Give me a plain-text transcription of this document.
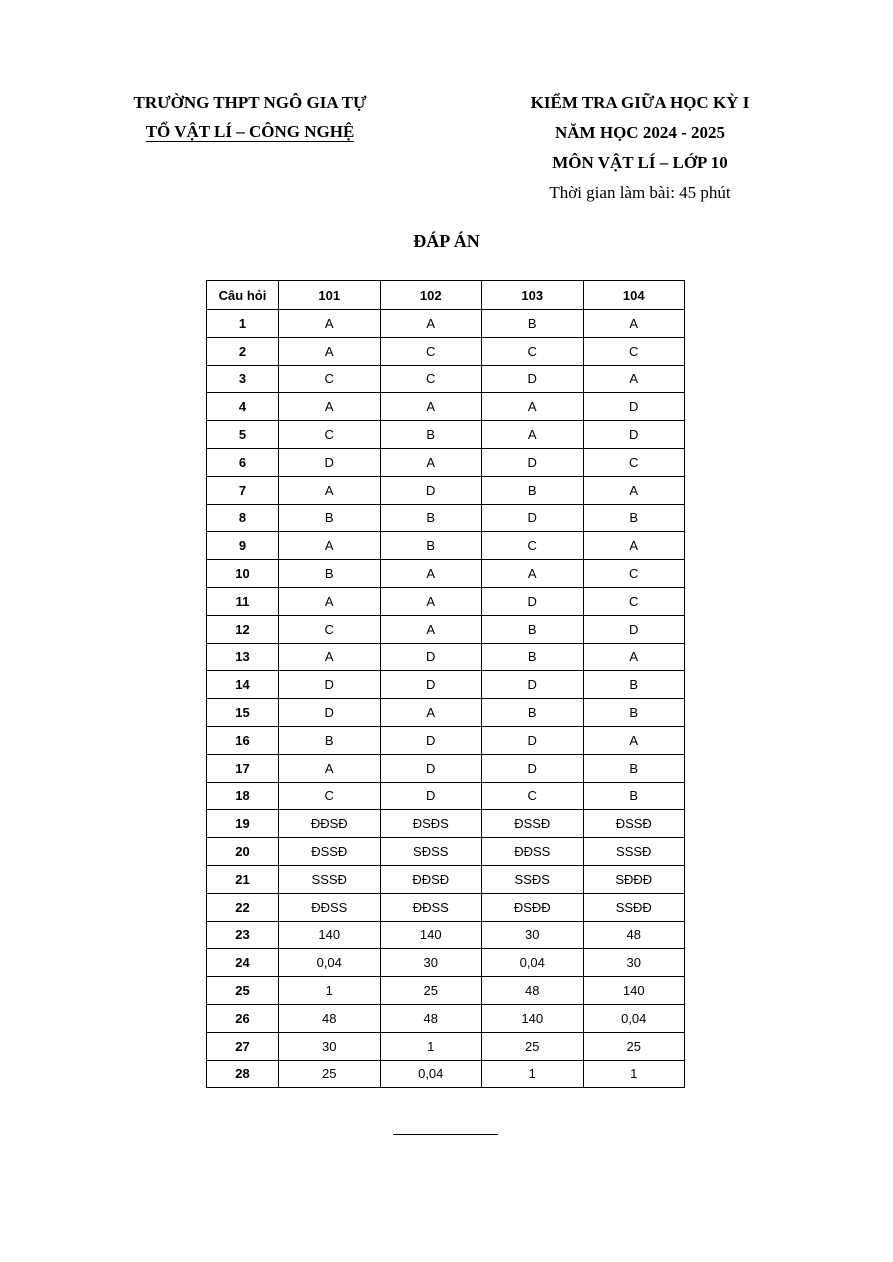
TRƯỜNG THPT NGÔ GIA TỰ
TỔ VẬT LÍ – CÔNG NGHỆ
KIỂM TRA GIỮA HỌC KỲ I
NĂM HỌC 2024 - 2025
MÔN VẬT LÍ – LỚP 10
Thời gian làm bài: 45 phút
ĐÁP ÁN
Câu hỏi	101	102	103	104
1	A	A	B	A
2	A	C	C	C
3	C	C	D	A
4	A	A	A	D
5	C	B	A	D
6	D	A	D	C
7	A	D	B	A
8	B	B	D	B
9	A	B	C	A
10	B	A	A	C
11	A	A	D	C
12	C	A	B	D
13	A	D	B	A
14	D	D	D	B
15	D	A	B	B
16	B	D	D	A
17	A	D	D	B
18	C	D	C	B
19	ĐĐSĐ	ĐSĐS	ĐSSĐ	ĐSSĐ
20	ĐSSĐ	SĐSS	ĐĐSS	SSSĐ
21	SSSĐ	ĐĐSĐ	SSĐS	SĐĐĐ
22	ĐĐSS	ĐĐSS	ĐSĐĐ	SSĐĐ
23	140	140	30	48
24	0,04	30	0,04	30
25	1	25	48	140
26	48	48	140	0,04
27	30	1	25	25
28	25	0,04	1	1
